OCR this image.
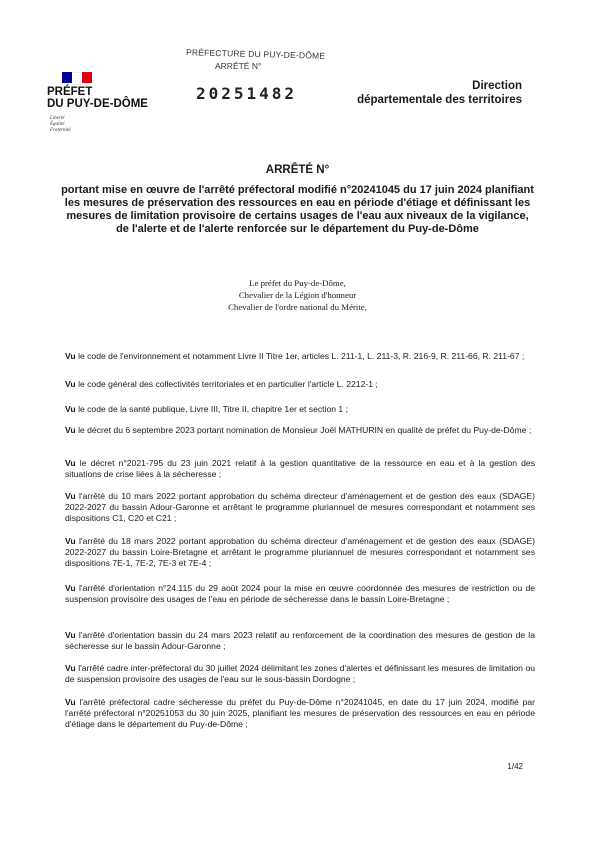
PRÉFET
DU PUY-DE-DÔME
Liberté
Égalité
Fraternité
PRÉFECTURE DU PUY-DE-DÔME
ARRÊTÉ N°
20251482	Direction
départementale des territoires
ARRÊTÉ N°
portant mise en œuvre de l'arrêté préfectoral modifié n°20241045 du 17 juin 2024 planifiant les mesures de préservation des ressources en eau en période d'étiage et définissant les mesures de limitation provisoire de certains usages de l'eau aux niveaux de la vigilance, de l'alerte et de l'alerte renforcée sur le département du Puy-de-Dôme
Le préfet du Puy-de-Dôme,
Chevalier de la Légion d'honneur
Chevalier de l'ordre national du Mérite,
Vu le code de l'environnement et notamment Livre II Titre 1er, articles L. 211-1, L. 211-3, R. 216-9, R. 211-66, R. 211-67 ;
Vu le code général des collectivités territoriales et en particulier l'article L. 2212-1 ;
Vu le code de la santé publique, Livre III, Titre II, chapitre 1er et section 1 ;
Vu le décret du 6 septembre 2023 portant nomination de Monsieur Joël MATHURIN en qualité de préfet du Puy-de-Dôme ;
Vu le décret n°2021-795 du 23 juin 2021 relatif à la gestion quantitative de la ressource en eau et à la gestion des situations de crise liées à la sécheresse ;
Vu l'arrêté du 10 mars 2022 portant approbation du schéma directeur d'aménagement et de gestion des eaux (SDAGE) 2022-2027 du bassin Adour-Garonne et arrêtant le programme pluriannuel de mesures correspondant et notamment ses dispositions C1, C20 et C21 ;
Vu l'arrêté du 18 mars 2022 portant approbation du schéma directeur d'aménagement et de gestion des eaux (SDAGE) 2022-2027 du bassin Loire-Bretagne et arrêtant le programme pluriannuel de mesures correspondant et notamment ses dispositions 7E-1, 7E-2, 7E-3 et 7E-4 ;
Vu l'arrêté d'orientation n°24.115 du 29 août 2024 pour la mise en œuvre coordonnée des mesures de restriction ou de suspension provisoire des usages de l'eau en période de sécheresse dans le bassin Loire-Bretagne ;
Vu l'arrêté d'orientation bassin du 24 mars 2023 relatif au renforcement de la coordination des mesures de gestion de la sécheresse sur le bassin Adour-Garonne ;
Vu l'arrêté cadre inter-préfectoral du 30 juillet 2024 délimitant les zones d'alertes et définissant les mesures de limitation ou de suspension provisoire des usages de l'eau sur le sous-bassin Dordogne ;
Vu l'arrêté préfectoral cadre sécheresse du préfet du Puy-de-Dôme n°20241045, en date du 17 juin 2024, modifié par l'arrêté préfectoral n°20251053 du 30 juin 2025, planifiant les mesures de préservation des ressources en eau en période d'étiage dans le département du Puy-de-Dôme ;
1/42
